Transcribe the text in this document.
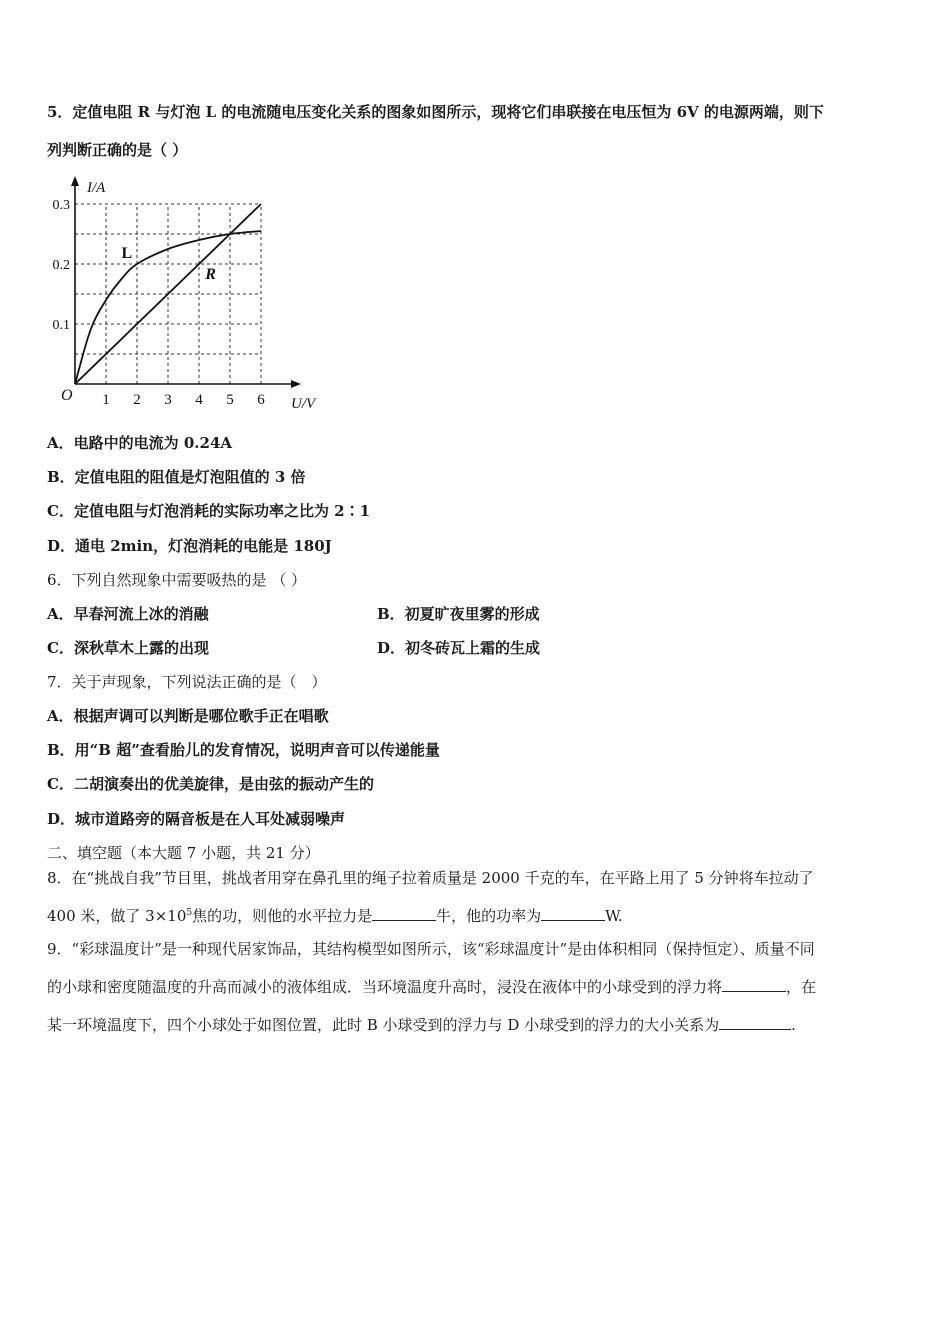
5．定值电阻 R 与灯泡 L 的电流随电压变化关系的图象如图所示，现将它们串联接在电压恒为 6V 的电源两端，则下
列判断正确的是（ ）
1 2 3 4 5 6
0.1
0.2
0.3
O	U/V
I/A
L
R
A．电路中的电流为 0.24A
B．定值电阻的阻值是灯泡阻值的 3 倍
C．定值电阻与灯泡消耗的实际功率之比为 2∶1
D．通电 2min，灯泡消耗的电能是 180J
6．下列自然现象中需要吸热的是 （ ）
A．早春河流上冰的消融	B．初夏旷夜里雾的形成
C．深秋草木上露的出现	D．初冬砖瓦上霜的生成
7．关于声现象，下列说法正确的是（　）
A．根据声调可以判断是哪位歌手正在唱歌
B．用“B 超”查看胎儿的发育情况，说明声音可以传递能量
C．二胡演奏出的优美旋律，是由弦的振动产生的
D．城市道路旁的隔音板是在人耳处减弱噪声
二、填空题（本大题 7 小题，共 21 分）
8．在“挑战自我”节目里，挑战者用穿在鼻孔里的绳子拉着质量是 2000 千克的车，在平路上用了 5 分钟将车拉动了
400 米，做了 $3\times 10^5$焦的功，则他的水平拉力是	牛，他的功率为	W.
9．“彩球温度计”是一种现代居家饰品，其结构模型如图所示，该“彩球温度计”是由体积相同（保持恒定）、质量不同
的小球和密度随温度的升高而减小的液体组成．当环境温度升高时，浸没在液体中的小球受到的浮力将	，在
某一环境温度下，四个小球处于如图位置，此时 B 小球受到的浮力与 D 小球受到的浮力的大小关系为	.
